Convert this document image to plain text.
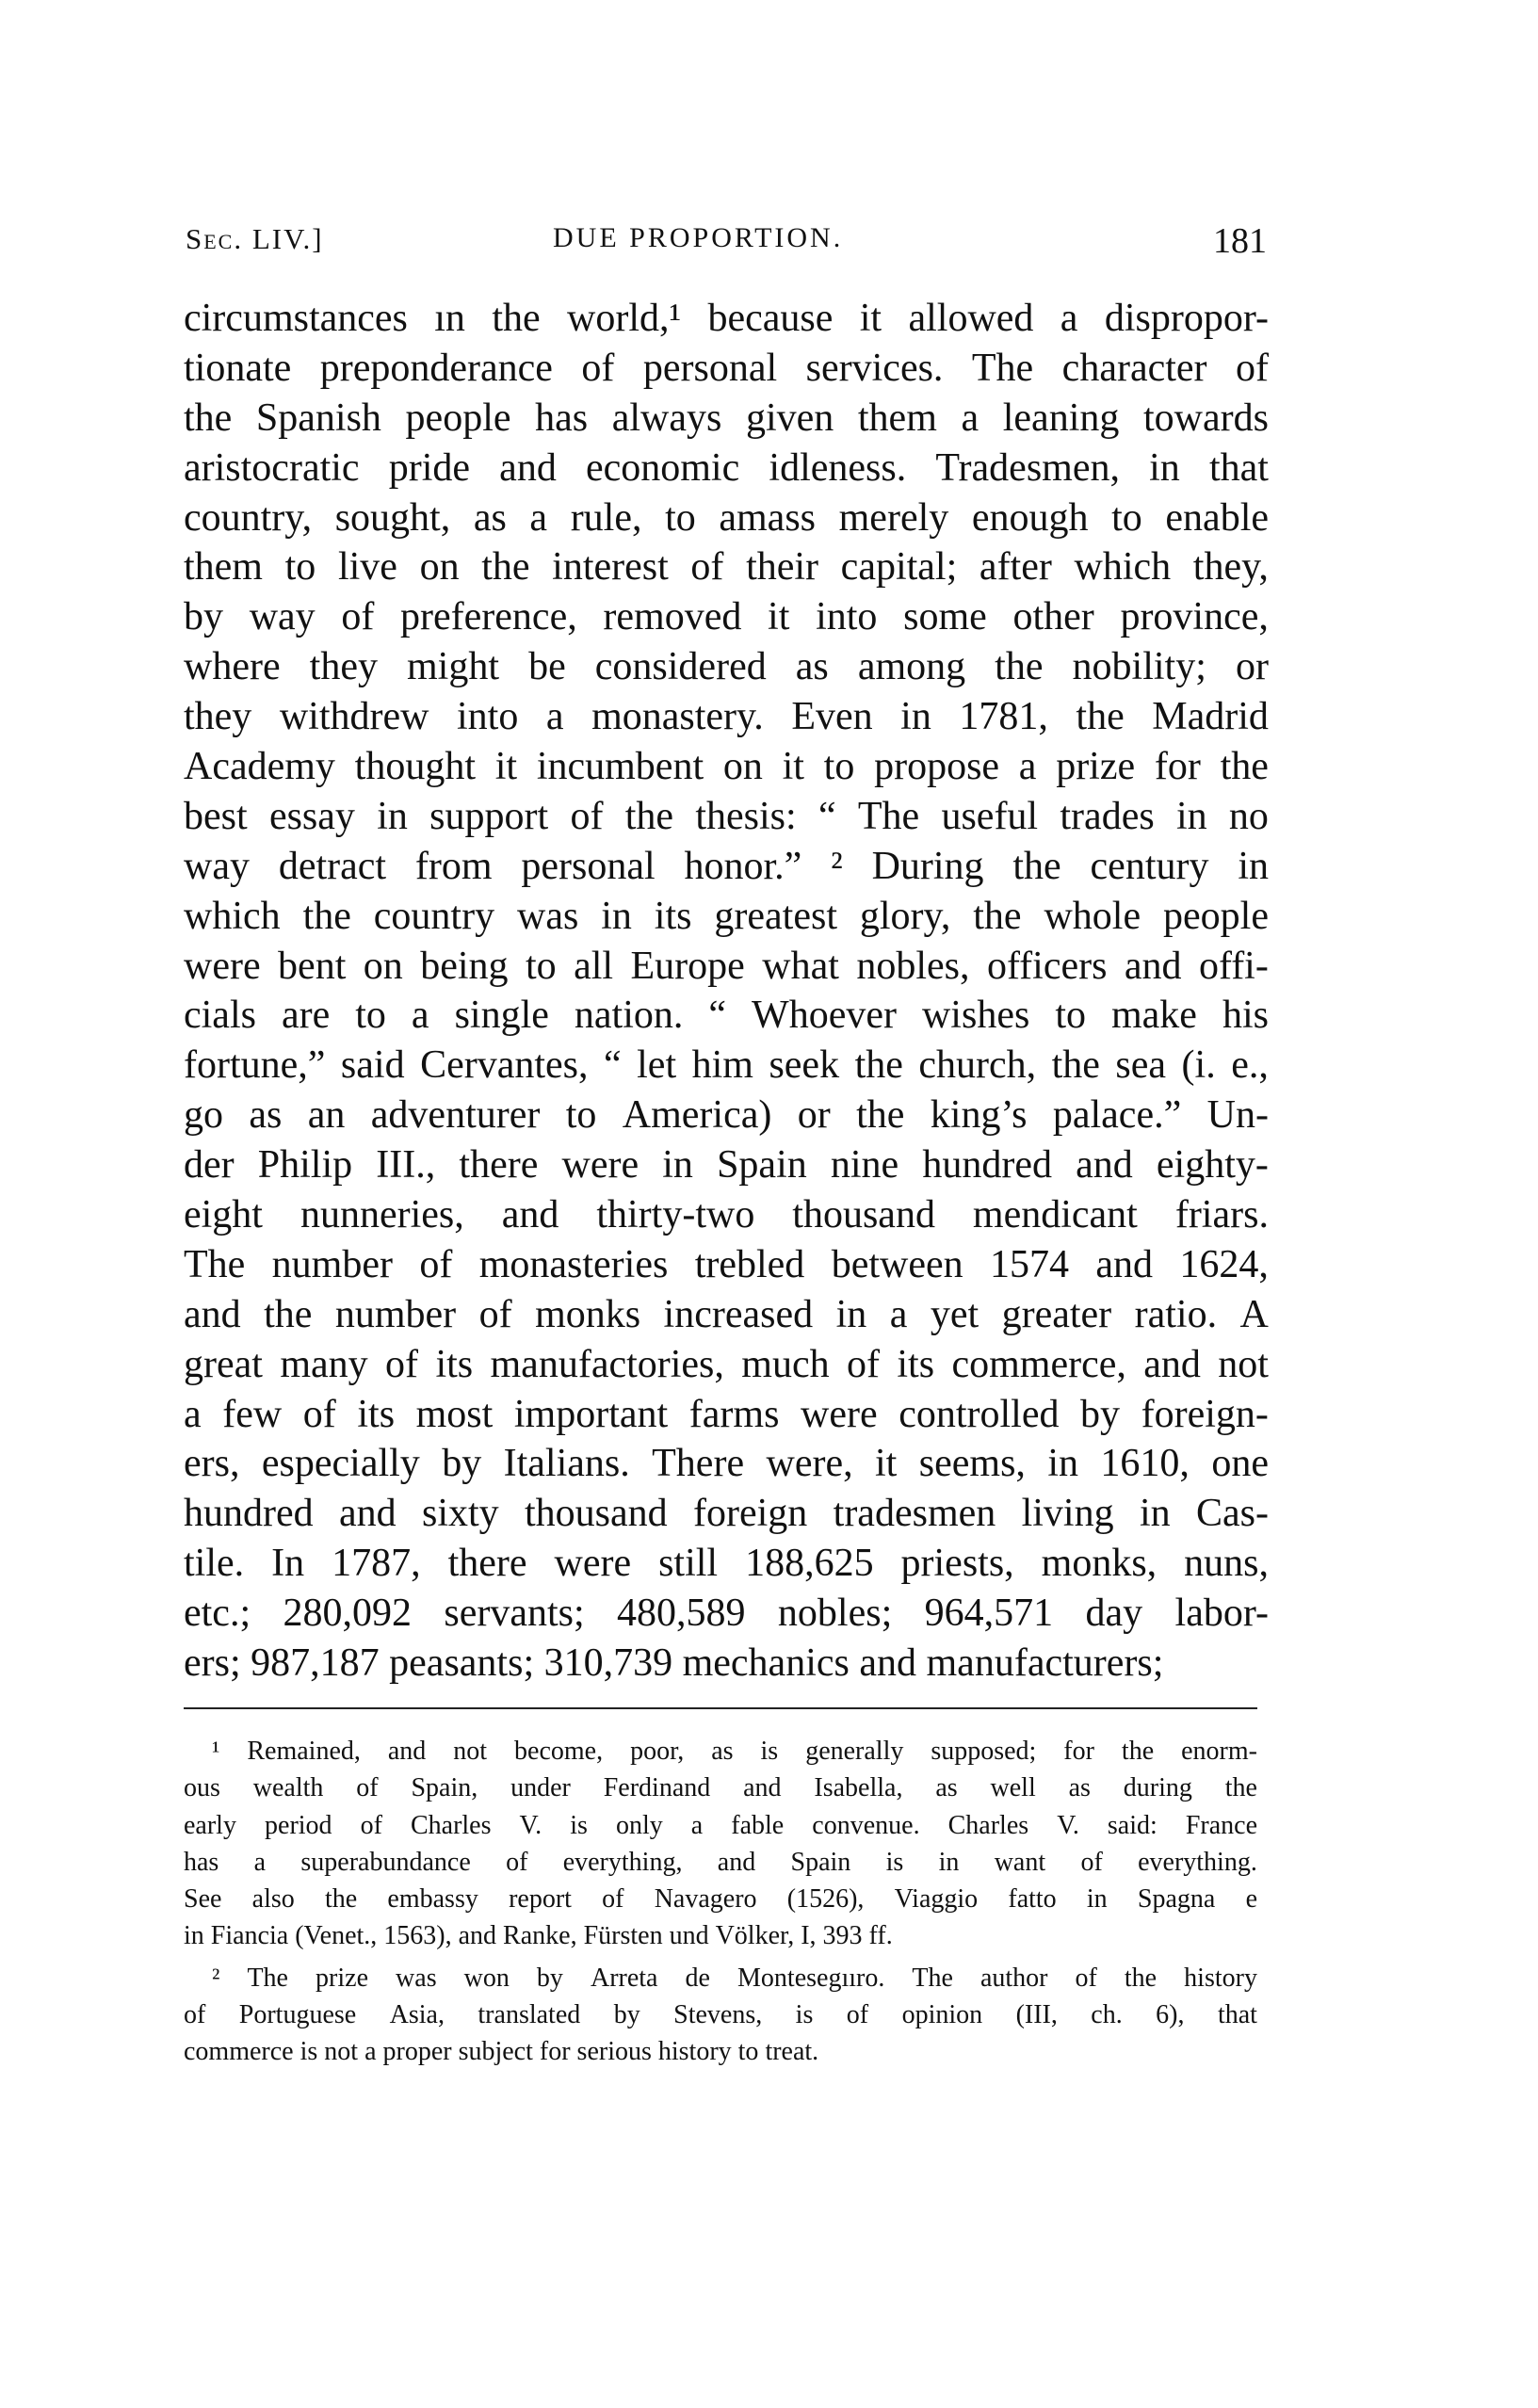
Sec. LIV.]	DUE PROPORTION.	181
circumstances ın the world,¹ because it allowed a dispropor-
tionate preponderance of personal services. The character of
the Spanish people has always given them a leaning towards
aristocratic pride and economic idleness. Tradesmen, in that
country, sought, as a rule, to amass merely enough to enable
them to live on the interest of their capital; after which they,
by way of preference, removed it into some other province,
where they might be considered as among the nobility; or
they withdrew into a monastery. Even in 1781, the Madrid
Academy thought it incumbent on it to propose a prize for the
best essay in support of the thesis: “ The useful trades in no
way detract from personal honor.” ² During the century in
which the country was in its greatest glory, the whole people
were bent on being to all Europe what nobles, officers and offi-
cials are to a single nation. “ Whoever wishes to make his
fortune,” said Cervantes, “ let him seek the church, the sea (i. e.,
go as an adventurer to America) or the king’s palace.” Un-
der Philip III., there were in Spain nine hundred and eighty-
eight nunneries, and thirty-two thousand mendicant friars.
The number of monasteries trebled between 1574 and 1624,
and the number of monks increased in a yet greater ratio. A
great many of its manufactories, much of its commerce, and not
a few of its most important farms were controlled by foreign-
ers, especially by Italians. There were, it seems, in 1610, one
hundred and sixty thousand foreign tradesmen living in Cas-
tile. In 1787, there were still 188,625 priests, monks, nuns,
etc.; 280,092 servants; 480,589 nobles; 964,571 day labor-
ers;
987,187
peasants;
310,739
mechanics
and
manufacturers;

¹ Remained, and not become, poor, as is generally supposed; for the enorm-
ous wealth of Spain, under Ferdinand and Isabella, as well as during the
early period of Charles V. is only a fable convenue. Charles V. said: France
has a superabundance of everything, and Spain is in want of everything.
See also the embassy report of Navagero (1526), Viaggio fatto in Spagna e
in
Fiancia
(Venet.,
1563),
and
Ranke,
Fürsten
und
Völker,
I,
393
ff.

² The prize was won by Arreta de Montesegııro. The author of the history
of Portuguese Asia, translated by Stevens, is of opinion (III, ch. 6), that
commerce
is
not
a
proper
subject
for
serious
history
to
treat.
